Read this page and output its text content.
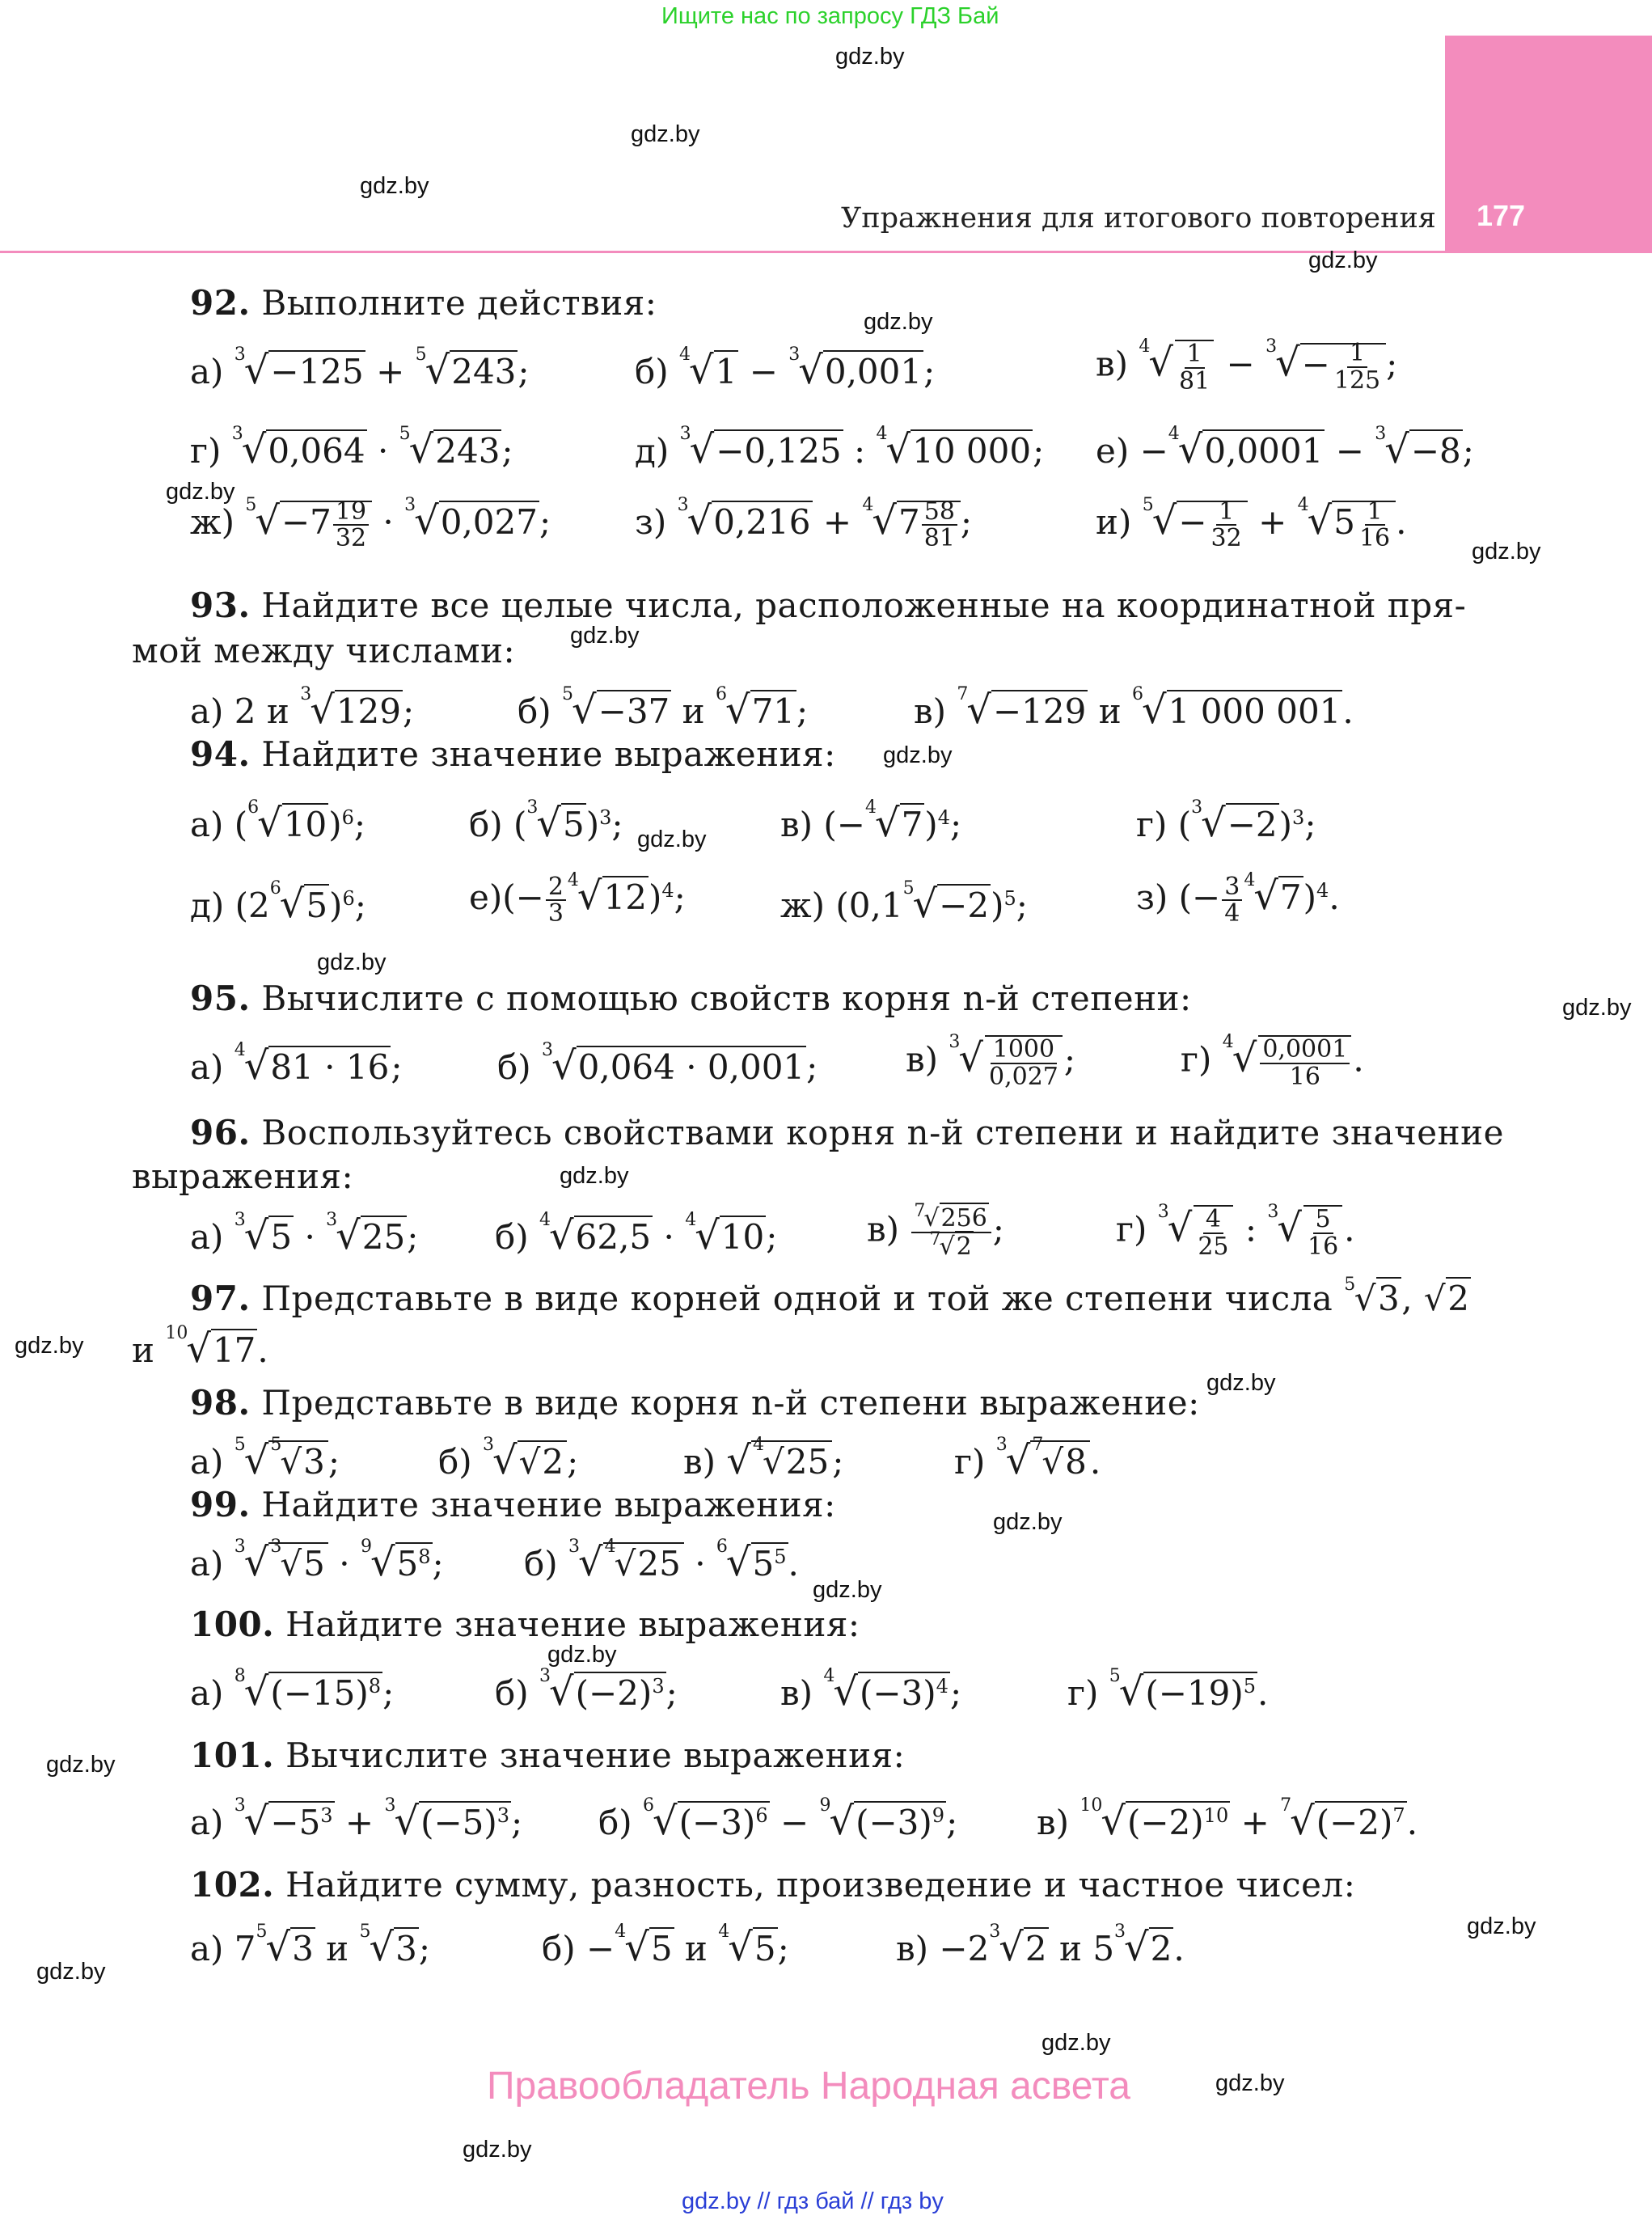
Ищите нас по запросу ГДЗ Бай
177
Упражнения для итогового повторения
gdz.by
gdz.by
gdz.by
gdz.by
gdz.by
gdz.by
gdz.by
gdz.by
gdz.by
gdz.by
gdz.by
gdz.by
gdz.by
gdz.by
gdz.by
gdz.by
gdz.by
gdz.by
gdz.by
gdz.by
gdz.by
gdz.by
gdz.by
gdz.by
92. Выполните действия:
а) $^3$√−125 + $^5$√243;	б) $^4$√1 − $^3$√0,001;	в) $^4√ \frac{1}{81} - ^3√- \frac{1}{125}$ ;
г) $^3$√0,064 · $^5$√243;	д) $^3$√−0,125 : $^4$√10 000; е) −$^4$√0,0001 − $^3$√−8;
ж) $^5√-7 \frac{19}{32} \cdot ^3√0,027$; з) $^3√0,216 + ^4√7 \frac{58}{81}$ ;	и) $^5√- \frac{1}{32} + ^4√5 \frac{1}{16}$ .
93. Найдите все целые числа, расположенные на координатной пря-
мой между числами:
а) 2 и $^3$√129;	б) $^5$√−37 и $^6$√71;	в) $^7$√−129 и $^6$√1 000 001.
94. Найдите значение выражения:
а) $(^6√10)^6$;	б) $(^3√5)^3$;	в) $(-^4√7)^4$;	г) $(^3√-2)^3$;
д) $(2^6√5)^6$;	$е)(- \frac{2}{3} ^4√12)^4$;	ж) $(0,1^5√-2)^5$;	з) (− $\frac{3}{4} ^4√7)^4$.
95. Вычислите с помощью свойств корня n-й степени:
а) $^4$√81 · 16;	б) $^3$√0,064 · 0,001;	в) $^3√ \frac{1000}{0,027}$ ;	г) $^4√ \frac{0,0001}{16}$ .
96. Воспользуйтесь свойствами корня n-й степени и найдите значение
выражения:
а) $^3$√5 · $^3$√25; б) $^4$√62,5 · $^4$√10;	$в) \frac{^7√256}{^7√2}$ ;	г) $^3√ \frac{4}{25}$ : $^3√ \frac{5}{16}$ .
97. Представьте в виде корней одной и той же степени числа $^5$√3, √2
и $^{10}$√17.
98. Представьте в виде корня n-й степени выражение:
а) $^5$√$^5$√3;	б) $^3$√√2;	в) √$^4$√25;	г) $^3$√$^7$√8.
99. Найдите значение выражения:
а) $^3√^3√5 \cdot ^9√5^8$; б) $^3√^4√25 \cdot ^6√5^5$.
100. Найдите значение выражения:
а) $^8√(-15)^8$;	б) $^3√(-2)^3$;	в) $^4√(-3)^4$;	г) $^5√(-19)^5$.
101. Вычислите значение выражения:
а) $^3√-5^3 + ^3√(-5)^3$; б) $^6√(-3)^6 - ^9√(-3)^9$; в) $^{10}√(-2)^{10} + ^7√(-2)^7$.
102. Найдите сумму, разность, произведение и частное чисел:
а) $7^5√3$ и $^5$√3;	б) −$^4$√5 и $^4$√5;	$в) -2^3√2$ и $5^3√2$.
Правообладатель Народная асвета
gdz.by // гдз бай // гдз by
